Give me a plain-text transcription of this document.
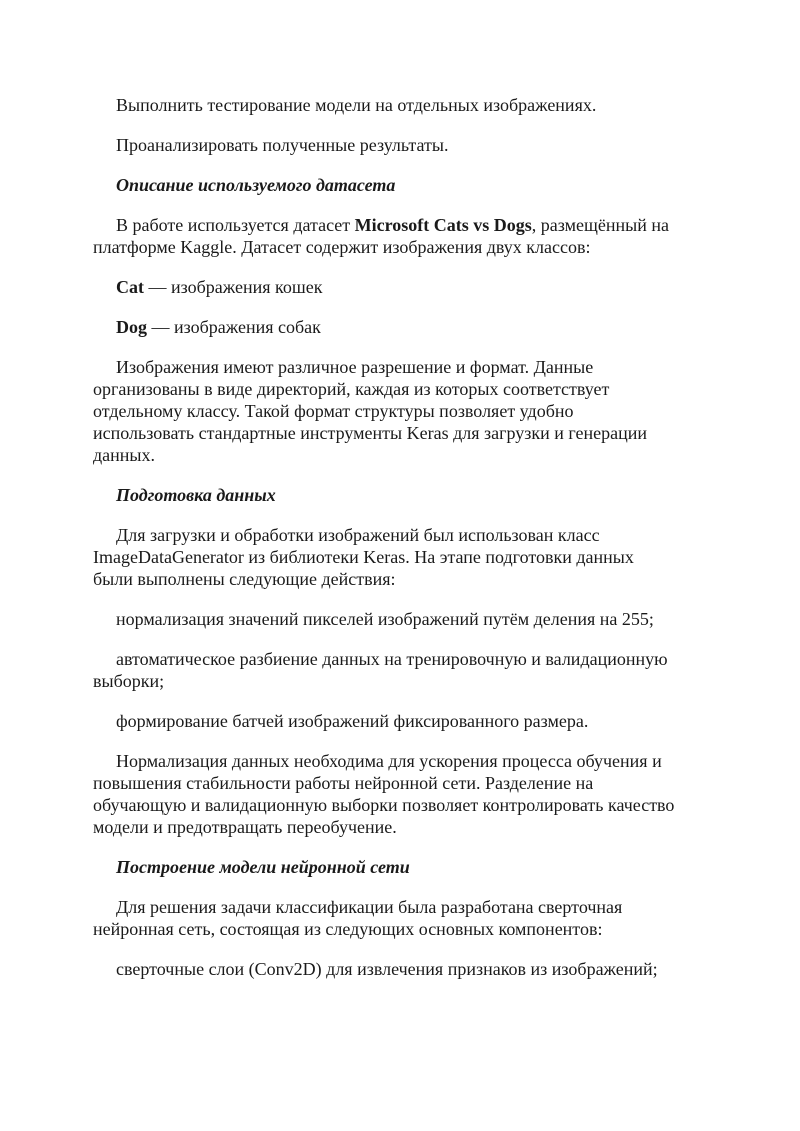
Выполнить тестирование модели на отдельных изображениях.

Проанализировать полученные результаты.

Описание используемого датасета

В работе используется датасет Microsoft Cats vs Dogs, размещённый на платформе Kaggle. Датасет содержит изображения двух классов:

Cat — изображения кошек

Dog — изображения собак

Изображения имеют различное разрешение и формат. Данные организованы в виде директорий, каждая из которых соответствует отдельному классу. Такой формат структуры позволяет удобно использовать стандартные инструменты Keras для загрузки и генерации данных.

Подготовка данных

Для загрузки и обработки изображений был использован класс ImageDataGenerator из библиотеки Keras. На этапе подготовки данных были выполнены следующие действия:

нормализация значений пикселей изображений путём деления на 255;

автоматическое разбиение данных на тренировочную и валидационную выборки;

формирование батчей изображений фиксированного размера.

Нормализация данных необходима для ускорения процесса обучения и повышения стабильности работы нейронной сети. Разделение на обучающую и валидационную выборки позволяет контролировать качество модели и предотвращать переобучение.

Построение модели нейронной сети

Для решения задачи классификации была разработана сверточная нейронная сеть, состоящая из следующих основных компонентов:

сверточные слои (Conv2D) для извлечения признаков из изображений;
